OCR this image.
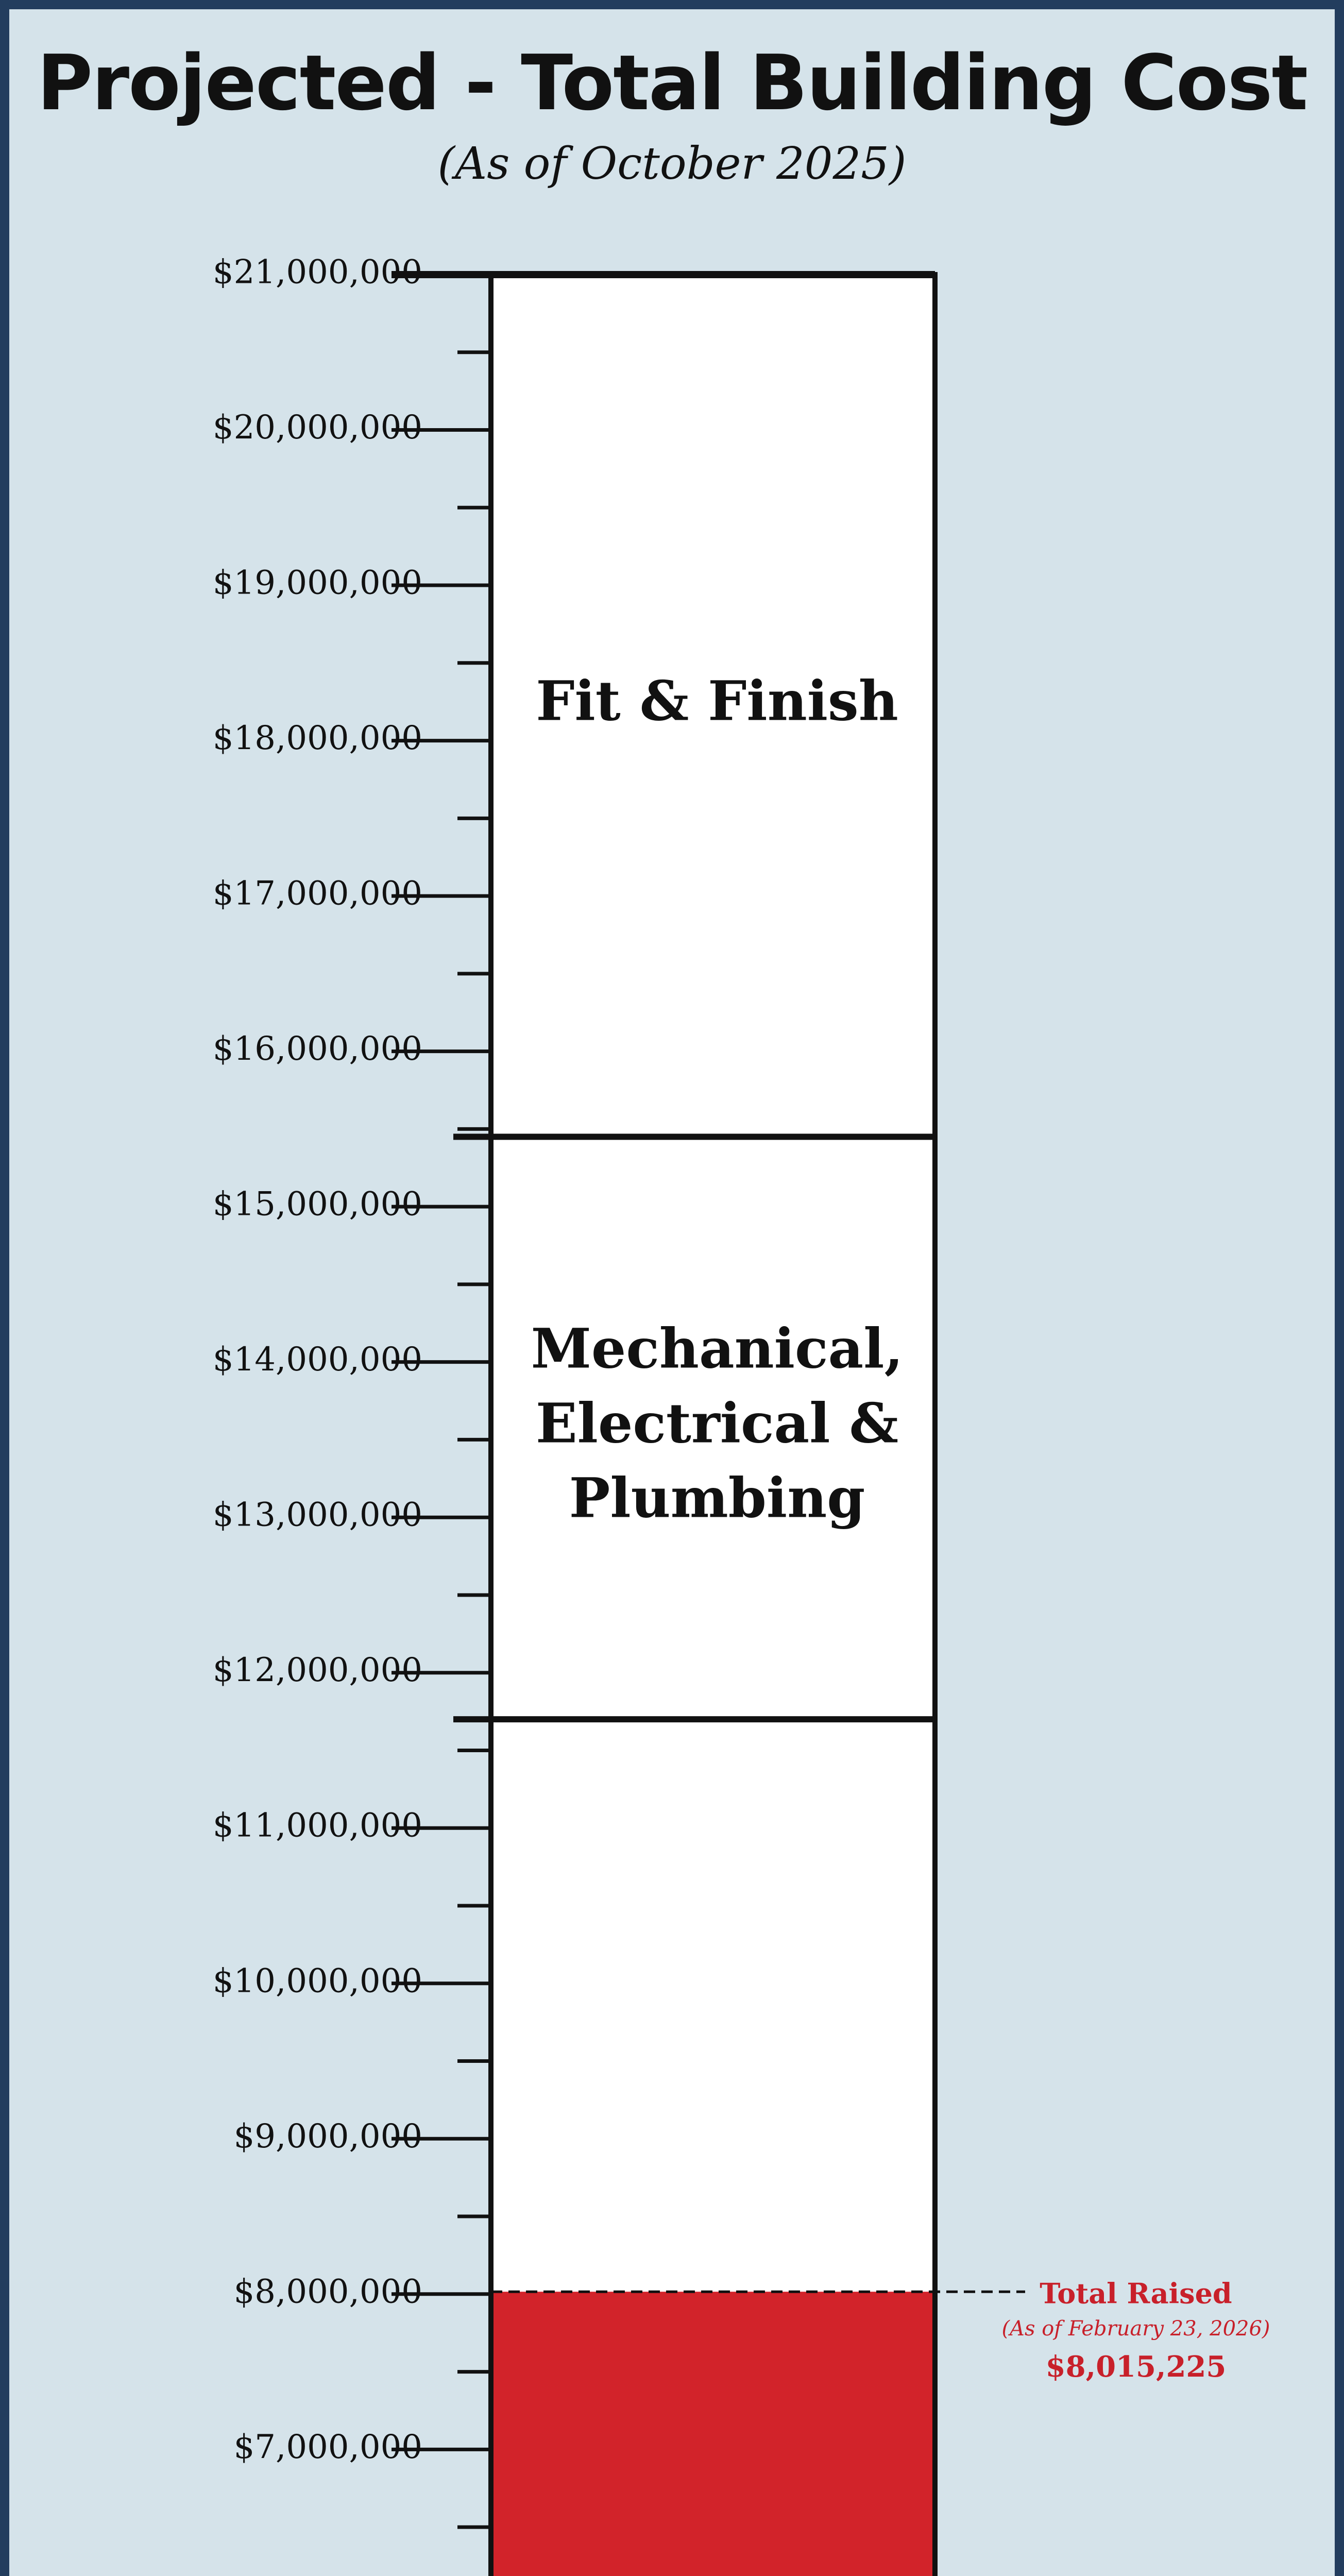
Projected - Total Building Cost
(As of October 2025)
Mechanical,
Electrical &
Plumbing
Fit & Finish
$7,000,000
$8,000,000
$9,000,000
$10,000,000
$11,000,000
$12,000,000
$13,000,000
$14,000,000
$15,000,000
$16,000,000
$17,000,000
$18,000,000
$19,000,000
$20,000,000
$21,000,000
Total Raised
(As of February 23, 2026)
$8,015,225
